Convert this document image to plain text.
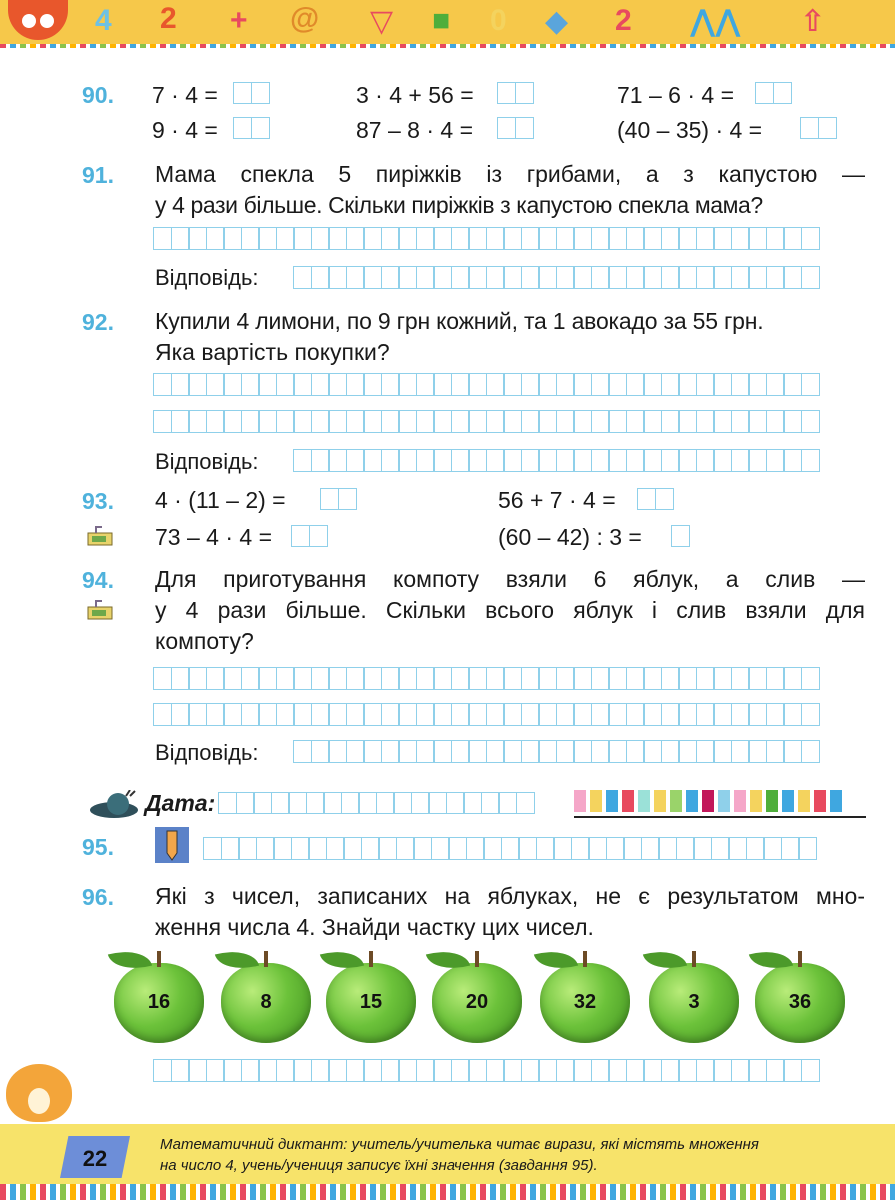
4 2 + @ ▽ ■ 0 ◆ 2 ⋀⋀ ⇧
90. 7 · 4 =	3 · 4 + 56 =	71 – 6 · 4 =
9 · 4 =	87 – 8 · 4 =	(40 – 35) · 4 =
91. Мама спекла 5 пиріжків із грибами, а з капустою —
у 4 рази більше. Скільки пиріжків з капустою спекла мама?
Відповідь:
92. Купили 4 лимони, по 9 грн кожний, та 1 авокадо за 55 грн.
Яка вартість покупки?
Відповідь:
93. 4 · (11 – 2) =	56 + 7 · 4 =
73 – 4 · 4 =	(60 – 42) : 3 =
94. Для приготування компоту взяли 6 яблук, а слив —
у 4 рази більше. Скільки всього яблук і слив взяли для
компоту?
Відповідь:
Дата:
95.
96. Які з чисел, записаних на яблуках, не є результатом мно-
ження числа 4. Знайди частку цих чисел.
16	8	15	20	32	3	36
22
Математичний диктант: учитель/учителька читає вирази, які містять множення
на число 4, учень/учениця записує їхні значення (завдання 95).
